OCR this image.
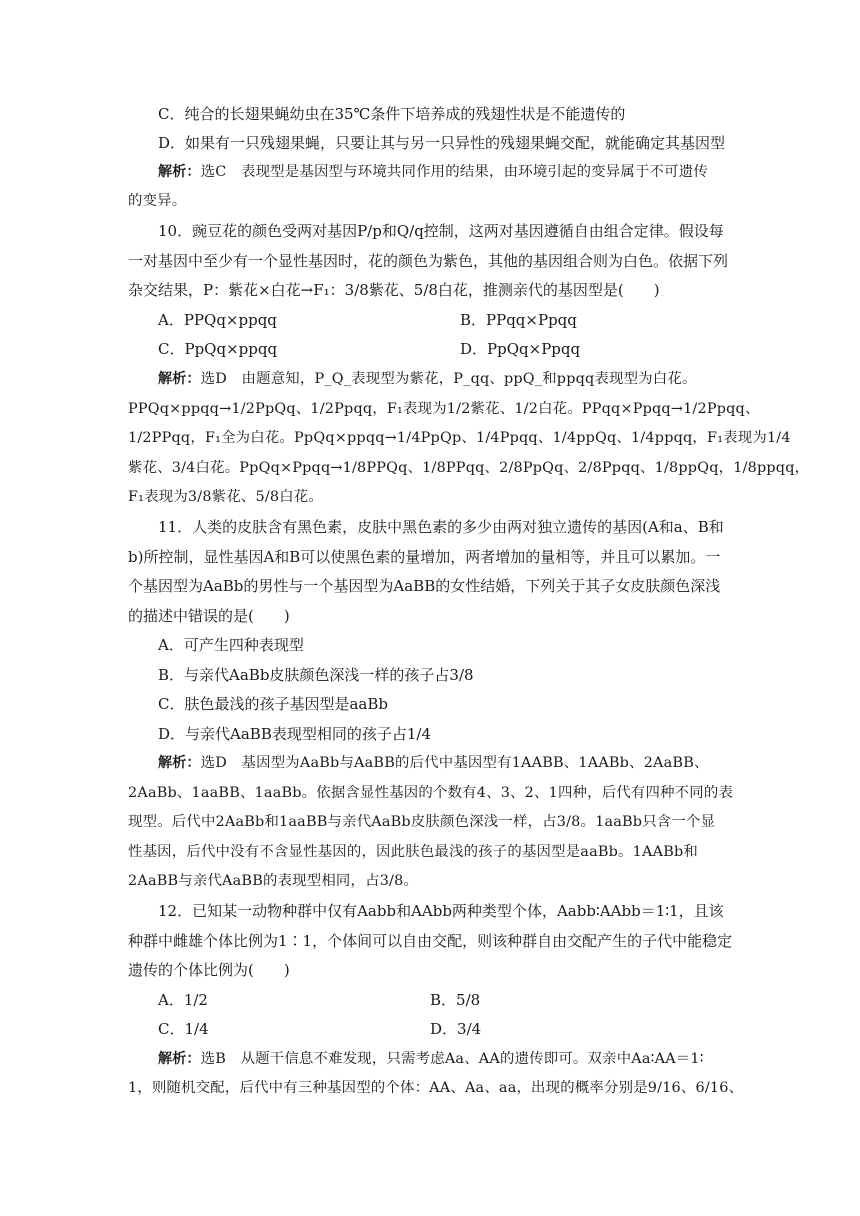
C．纯合的长翅果蝇幼虫在35℃条件下培养成的残翅性状是不能遗传的
D．如果有一只残翅果蝇，只要让其与另一只异性的残翅果蝇交配，就能确定其基因型
解析：选C　表现型是基因型与环境共同作用的结果，由环境引起的变异属于不可遗传
的变异。
10．豌豆花的颜色受两对基因P/p和Q/q控制，这两对基因遵循自由组合定律。假设每
一对基因中至少有一个显性基因时，花的颜色为紫色，其他的基因组合则为白色。依据下列
杂交结果，P：紫花×白花→F₁：3/8紫花、5/8白花，推测亲代的基因型是(　　)
A．PPQq×ppqq	B．PPqq×Ppqq
C．PpQq×ppqq	D．PpQq×Ppqq
解析：选D　由题意知，P_Q_表现型为紫花，P_qq、ppQ_和ppqq表现型为白花。
PPQq×ppqq→1/2PpQq、1/2Ppqq，F₁表现为1/2紫花、1/2白花。PPqq×Ppqq→1/2Ppqq、
1/2PPqq，F₁全为白花。PpQq×ppqq→1/4PpQp、1/4Ppqq、1/4ppQq、1/4ppqq，F₁表现为1/4
紫花、3/4白花。PpQq×Ppqq→1/8PPQq、1/8PPqq、2/8PpQq、2/8Ppqq、1/8ppQq，1/8ppqq，
F₁表现为3/8紫花、5/8白花。
11．人类的皮肤含有黑色素，皮肤中黑色素的多少由两对独立遗传的基因(A和a、B和
b)所控制，显性基因A和B可以使黑色素的量增加，两者增加的量相等，并且可以累加。一
个基因型为AaBb的男性与一个基因型为AaBB的女性结婚，下列关于其子女皮肤颜色深浅
的描述中错误的是(　　)
A．可产生四种表现型
B．与亲代AaBb皮肤颜色深浅一样的孩子占3/8
C．肤色最浅的孩子基因型是aaBb
D．与亲代AaBB表现型相同的孩子占1/4
解析：选D　基因型为AaBb与AaBB的后代中基因型有1AABB、1AABb、2AaBB、
2AaBb、1aaBB、1aaBb。依据含显性基因的个数有4、3、2、1四种，后代有四种不同的表
现型。后代中2AaBb和1aaBB与亲代AaBb皮肤颜色深浅一样，占3/8。1aaBb只含一个显
性基因，后代中没有不含显性基因的，因此肤色最浅的孩子的基因型是aaBb。1AABb和
2AaBB与亲代AaBB的表现型相同，占3/8。
12．已知某一动物种群中仅有Aabb和AAbb两种类型个体，Aabb∶AAbb＝1∶1，且该
种群中雌雄个体比例为1∶1，个体间可以自由交配，则该种群自由交配产生的子代中能稳定
遗传的个体比例为(　　)
A．1/2	B．5/8
C．1/4	D．3/4
解析：选B　从题干信息不难发现，只需考虑Aa、AA的遗传即可。双亲中Aa∶AA＝1∶
1，则随机交配，后代中有三种基因型的个体：AA、Aa、aa，出现的概率分别是9/16、6/16、
